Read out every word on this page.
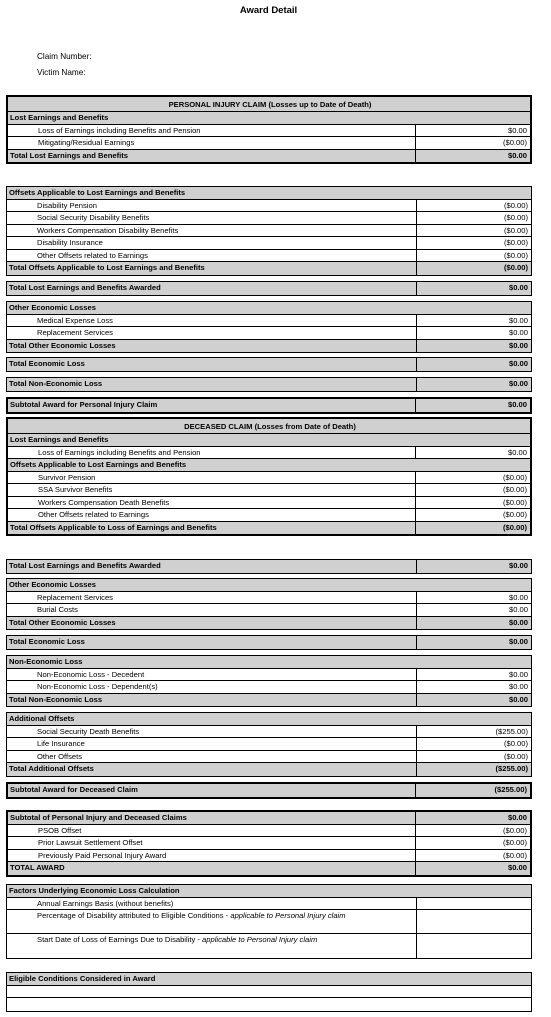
Award Detail
Claim Number:
Victim Name:
PERSONAL INJURY CLAIM (Losses up to Date of Death)
Lost Earnings and Benefits
Loss of Earnings including Benefits and Pension	$0.00
Mitigating/Residual Earnings	($0.00)
Total Lost Earnings and Benefits	$0.00
Offsets Applicable to Lost Earnings and Benefits
Disability Pension	($0.00)
Social Security Disability Benefits	($0.00)
Workers Compensation Disability Benefits	($0.00)
Disability Insurance	($0.00)
Other Offsets related to Earnings	($0.00)
Total Offsets Applicable to Lost Earnings and Benefits	($0.00)
Total Lost Earnings and Benefits Awarded	$0.00
Other Economic Losses
Medical Expense Loss	$0.00
Replacement Services	$0.00
Total Other Economic Losses	$0.00
Total Economic Loss	$0.00
Total Non-Economic Loss	$0.00
Subtotal Award for Personal Injury Claim	$0.00
DECEASED CLAIM (Losses from Date of Death)
Lost Earnings and Benefits
Loss of Earnings including Benefits and Pension	$0.00
Offsets Applicable to Lost Earnings and Benefits
Survivor Pension	($0.00)
SSA Survivor Benefits	($0.00)
Workers Compensation Death Benefits	($0.00)
Other Offsets related to Earnings	($0.00)
Total Offsets Applicable to Loss of Earnings and Benefits	($0.00)
Total Lost Earnings and Benefits Awarded	$0.00
Other Economic Losses
Replacement Services	$0.00
Burial Costs	$0.00
Total Other Economic Losses	$0.00
Total Economic Loss	$0.00
Non-Economic Loss
Non-Economic Loss - Decedent	$0.00
Non-Economic Loss - Dependent(s)	$0.00
Total Non-Economic Loss	$0.00
Additional Offsets
Social Security Death Benefits	($255.00)
Life Insurance	($0.00)
Other Offsets	($0.00)
Total Additional Offsets	($255.00)
Subtotal Award for Deceased Claim	($255.00)
Subtotal of Personal Injury and Deceased Claims	$0.00
PSOB Offset	($0.00)
Prior Lawsuit Settlement Offset	($0.00)
Previously Paid Personal Injury Award	($0.00)
TOTAL AWARD	$0.00
Factors Underlying Economic Loss Calculation
Annual Earnings Basis (without benefits)
Percentage of Disability attributed to Eligible Conditions - applicable to Personal Injury claim
Start Date of Loss of Earnings Due to Disability - applicable to Personal Injury claim
Eligible Conditions Considered in Award
